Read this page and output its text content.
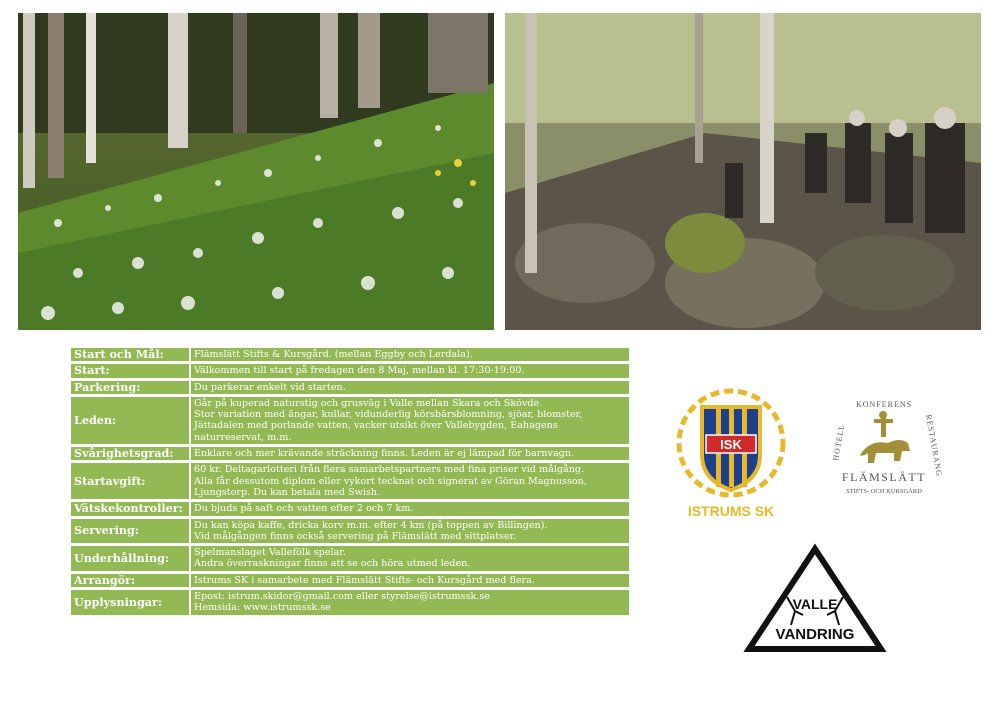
Start och Mål:	Flämslätt Stifts & Kursgård. (mellan Eggby och Lerdala).

Start:	Välkommen till start på fredagen den 8 Maj, mellan kl. 17:30-19:00.

Parkering:	Du parkerar enkelt vid starten.

Leden:	Går på kuperad naturstig och grusväg i Valle mellan Skara och Skövde.
Stor variation med ängar, kullar, vidunderlig körsbärsblomning, sjöar, blomster,
Jättadalen med porlande vatten, vacker utsikt över Vallebygden, Eahagens
naturreservat, m.m.

Svårighetsgrad:	Enklare och mer krävande sträckning finns. Leden är ej lämpad för barnvagn.

Startavgift:	60 kr. Deltagarlotteri från flera samarbetspartners med fina priser vid målgång.
Alla får dessutom diplom eller vykort tecknat och signerat av Göran Magnusson,
Ljungstorp. Du kan betala med Swish.

Vätskekontroller:	Du bjuds på saft och vatten efter 2 och 7 km.

Servering:	Du kan köpa kaffe, dricka korv m.m. efter 4 km (på toppen av Billingen).
Vid målgången finns också servering på Flämslätt med sittplatser.

Underhållning:	Spelmanslaget Vallefölk spelar.
Andra överraskningar finns att se och höra utmed leden.

Arrangör:	Istrums SK i samarbete med Flämslätt Stifts- och Kursgård med flera.

Upplysningar:	Epost: istrum.skidor@gmail.com eller styrelse@istrumssk.se
Hemsida: www.istrumssk.se
ISK
ISTRUMS SK
HOTELL
KONFERENS
RESTAURANG
FLÄMSLÄTT
STIFTS- OCH KURSGÅRD
VALLE
VANDRING
